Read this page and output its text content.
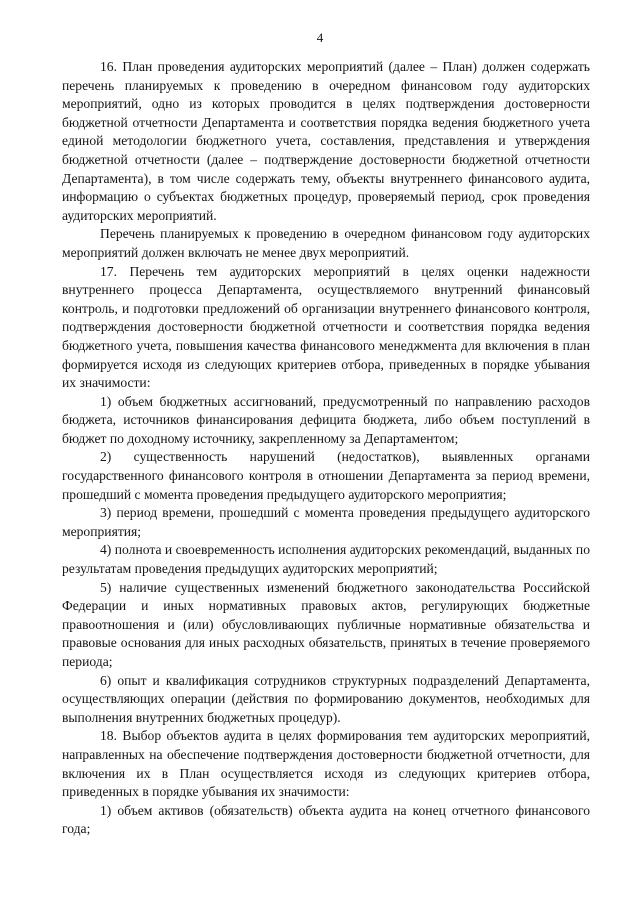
4

16. План проведения аудиторских мероприятий (далее – План) должен содержать перечень планируемых к проведению в очередном финансовом году аудиторских мероприятий, одно из которых проводится в целях подтверждения достоверности бюджетной отчетности Департамента и соответствия порядка ведения бюджетного учета единой методологии бюджетного учета, составления, представления и утверждения бюджетной отчетности (далее – подтверждение достоверности бюджетной отчетности Департамента), в том числе содержать тему, объекты внутреннего финансового аудита, информацию о субъектах бюджетных процедур, проверяемый период, срок проведения аудиторских мероприятий.

Перечень планируемых к проведению в очередном финансовом году аудиторских мероприятий должен включать не менее двух мероприятий.

17. Перечень тем аудиторских мероприятий в целях оценки надежности внутреннего процесса Департамента, осуществляемого внутренний финансовый контроль, и подготовки предложений об организации внутреннего финансового контроля, подтверждения достоверности бюджетной отчетности и соответствия порядка ведения бюджетного учета, повышения качества финансового менеджмента для включения в план формируется исходя из следующих критериев отбора, приведенных в порядке убывания их значимости:

1) объем бюджетных ассигнований, предусмотренный по направлению расходов бюджета, источников финансирования дефицита бюджета, либо объем поступлений в бюджет по доходному источнику, закрепленному за Департаментом;

2) существенность нарушений (недостатков), выявленных органами государственного финансового контроля в отношении Департамента за период времени, прошедший с момента проведения предыдущего аудиторского мероприятия;

3) период времени, прошедший с момента проведения предыдущего аудиторского мероприятия;

4) полнота и своевременность исполнения аудиторских рекомендаций, выданных по результатам проведения предыдущих аудиторских мероприятий;

5) наличие существенных изменений бюджетного законодательства Российской Федерации и иных нормативных правовых актов, регулирующих бюджетные правоотношения и (или) обусловливающих публичные нормативные обязательства и правовые основания для иных расходных обязательств, принятых в течение проверяемого периода;

6) опыт и квалификация сотрудников структурных подразделений Департамента, осуществляющих операции (действия по формированию документов, необходимых для выполнения внутренних бюджетных процедур).

18. Выбор объектов аудита в целях формирования тем аудиторских мероприятий, направленных на обеспечение подтверждения достоверности бюджетной отчетности, для включения их в План осуществляется исходя из следующих критериев отбора, приведенных в порядке убывания их значимости:

1) объем активов (обязательств) объекта аудита на конец отчетного финансового года;
